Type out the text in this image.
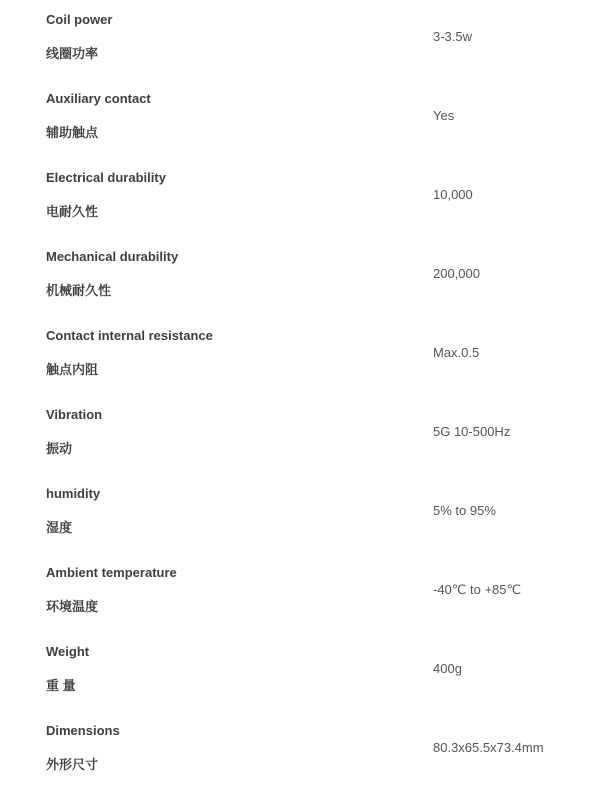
Coil power
线圈功率
3-3.5w
Auxiliary contact
辅助触点
Yes
Electrical durability
电耐久性
10,000
Mechanical durability
机械耐久性
200,000
Contact internal resistance
触点内阻
Max.0.5
Vibration
振动
5G 10-500Hz
humidity
湿度
5% to 95%
Ambient temperature
环境温度
-40℃ to +85℃
Weight
重 量
400g
Dimensions
外形尺寸
80.3x65.5x73.4mm
